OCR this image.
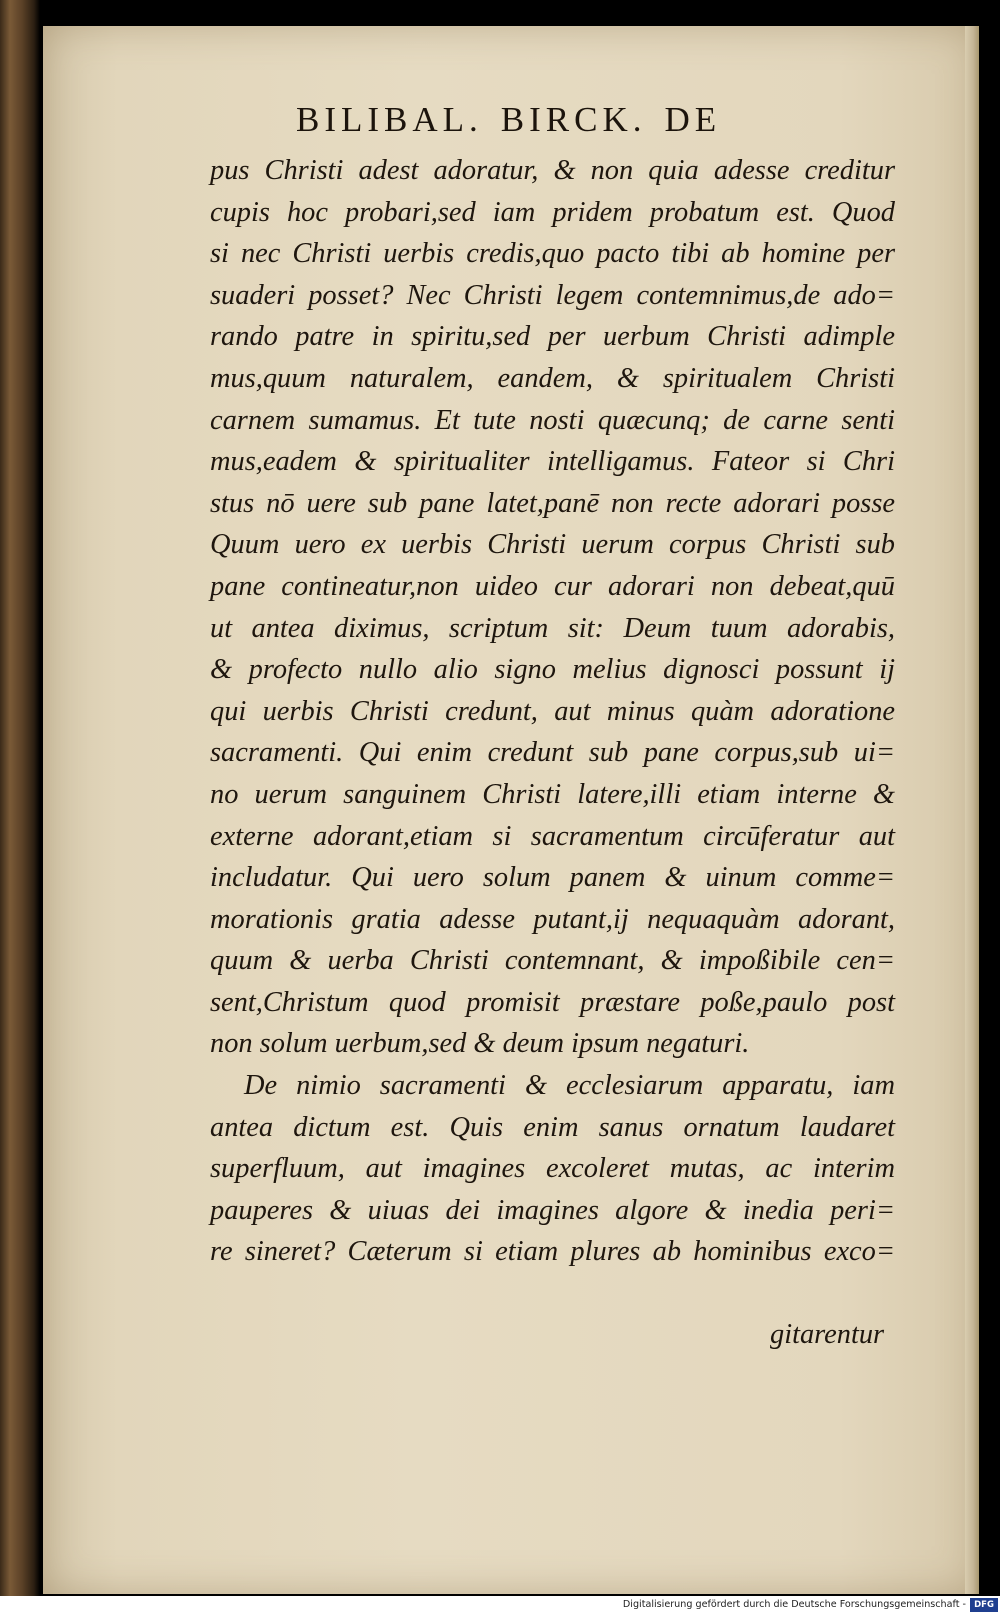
BILIBAL. BIRCK. DE
pus Christi adest adoratur, & non quia adesse creditur
cupis hoc probari,sed iam pridem probatum est. Quod
si nec Christi uerbis credis,quo pacto tibi ab homine per
suaderi posset? Nec Christi legem contemnimus,de ado=
rando patre in spiritu,sed per uerbum Christi adimple
mus,quum naturalem, eandem, & spiritualem Christi
carnem sumamus. Et tute nosti quæcunq; de carne senti
mus,eadem & spiritualiter intelligamus. Fateor si Chri
stus nō uere sub pane latet,panē non recte adorari posse
Quum uero ex uerbis Christi uerum corpus Christi sub
pane contineatur,non uideo cur adorari non debeat,quū
ut antea diximus, scriptum sit: Deum tuum adorabis,
& profecto nullo alio signo melius dignosci possunt ij
qui uerbis Christi credunt, aut minus quàm adoratione
sacramenti. Qui enim credunt sub pane corpus,sub ui=
no uerum sanguinem Christi latere,illi etiam interne &
externe adorant,etiam si sacramentum circūferatur aut
includatur. Qui uero solum panem & uinum comme=
morationis gratia adesse putant,ij nequaquàm adorant,
quum & uerba Christi contemnant, & impoßibile cen=
sent,Christum quod promisit præstare poße,paulo post
non solum uerbum,sed & deum ipsum negaturi.
De nimio sacramenti & ecclesiarum apparatu, iam
antea dictum est. Quis enim sanus ornatum laudaret
superfluum, aut imagines excoleret mutas, ac interim
pauperes & uiuas dei imagines algore & inedia peri=
re sineret? Cæterum si etiam plures ab hominibus exco=
gitarentur
Digitalisierung gefördert durch die Deutsche Forschungsgemeinschaft - DFG
